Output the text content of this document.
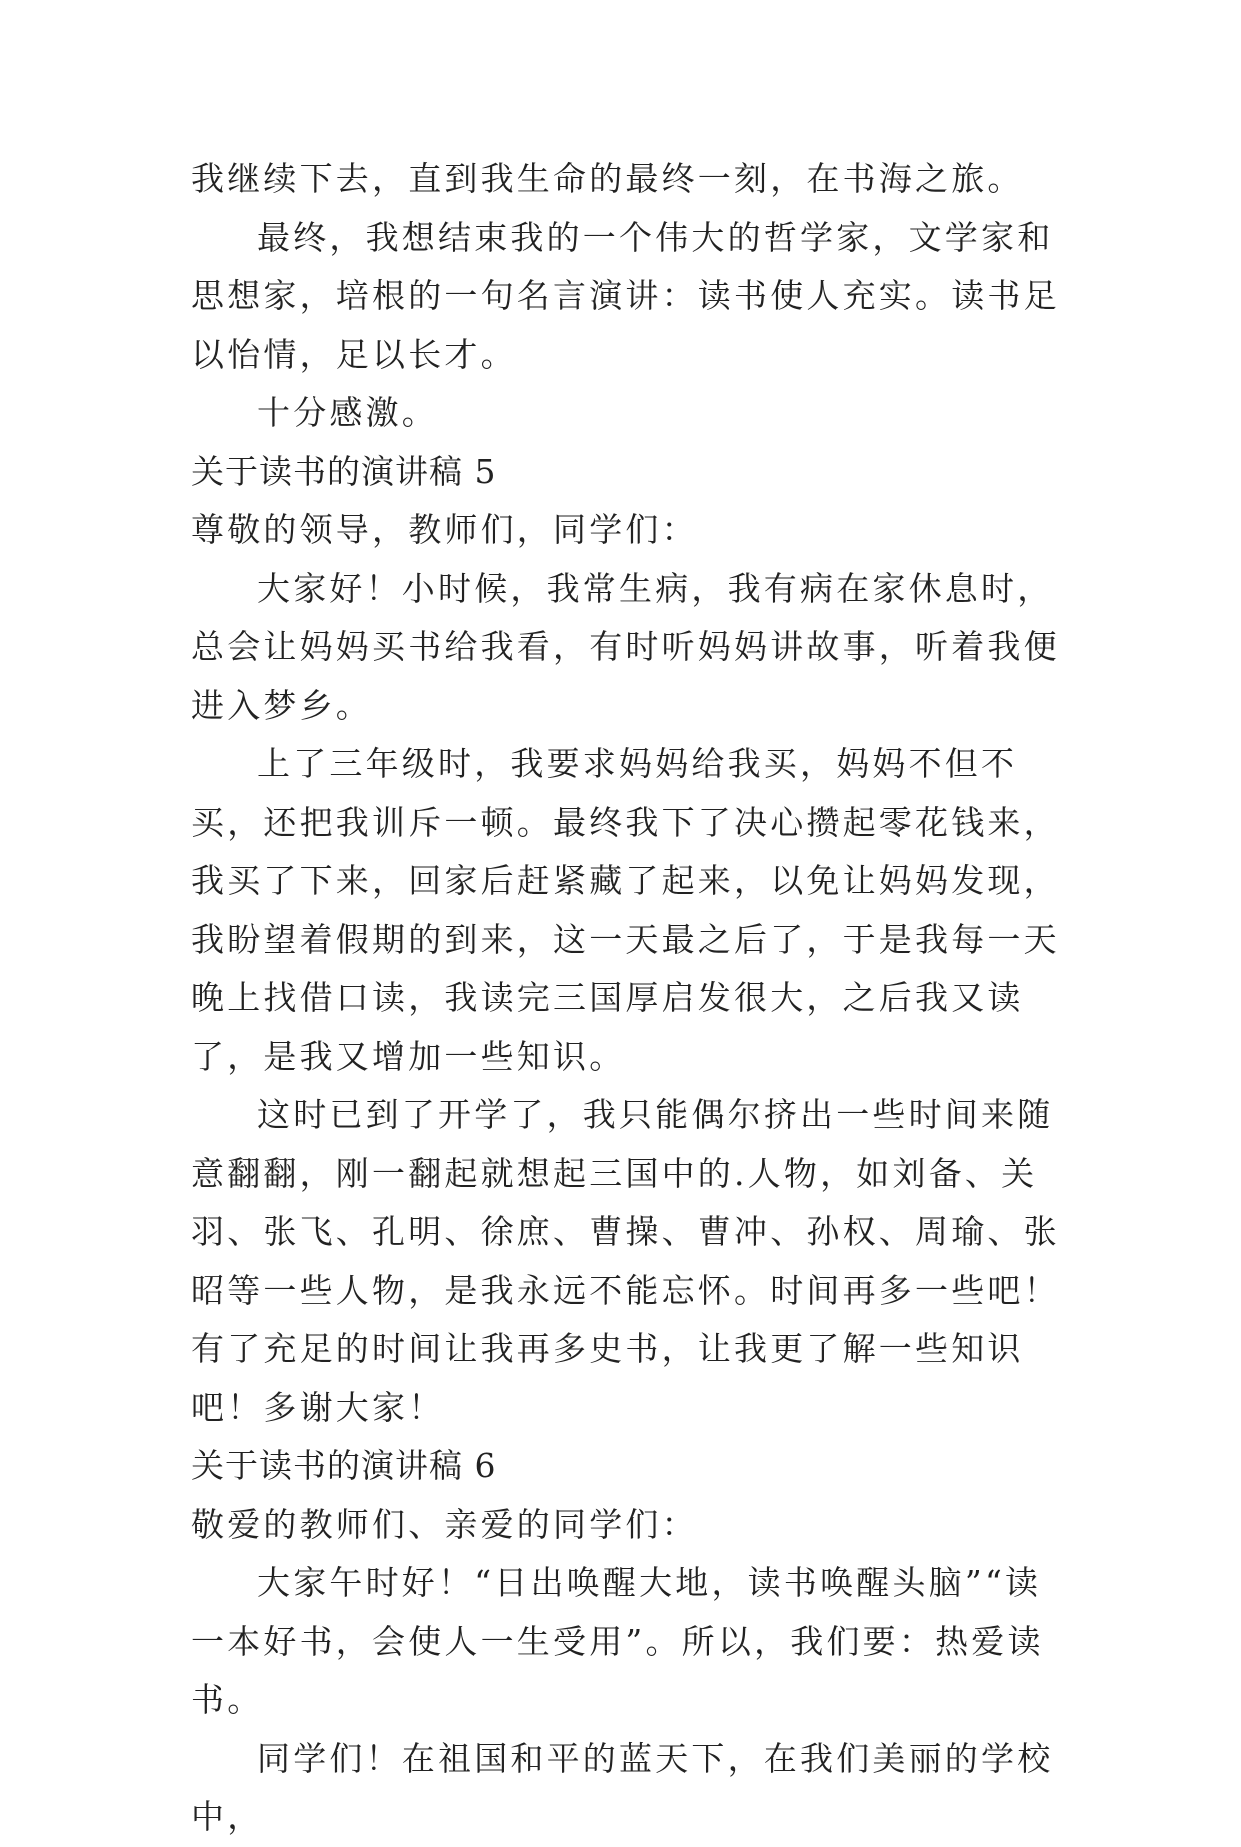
我继续下去，直到我生命的最终一刻，在书海之旅。

最终，我想结束我的一个伟大的哲学家，文学家和思想家，培根的一句名言演讲：读书使人充实。读书足以怡情，足以长才。

十分感激。

关于读书的演讲稿 5

尊敬的领导，教师们，同学们：

大家好！小时候，我常生病，我有病在家休息时，总会让妈妈买书给我看，有时听妈妈讲故事，听着我便进入梦乡。

上了三年级时，我要求妈妈给我买，妈妈不但不买，还把我训斥一顿。最终我下了决心攒起零花钱来，我买了下来，回家后赶紧藏了起来，以免让妈妈发现，我盼望着假期的到来，这一天最之后了，于是我每一天晚上找借口读，我读完三国厚启发很大，之后我又读了，是我又增加一些知识。

这时已到了开学了，我只能偶尔挤出一些时间来随意翻翻，刚一翻起就想起三国中的.人物，如刘备、关羽、张飞、孔明、徐庶、曹操、曹冲、孙权、周瑜、张昭等一些人物，是我永远不能忘怀。时间再多一些吧！有了充足的时间让我再多史书，让我更了解一些知识吧！多谢大家！

关于读书的演讲稿 6

敬爱的教师们、亲爱的同学们：

大家午时好！“日出唤醒大地，读书唤醒头脑”“读一本好书，会使人一生受用”。所以，我们要：热爱读书。

同学们！在祖国和平的蓝天下，在我们美丽的学校中，
